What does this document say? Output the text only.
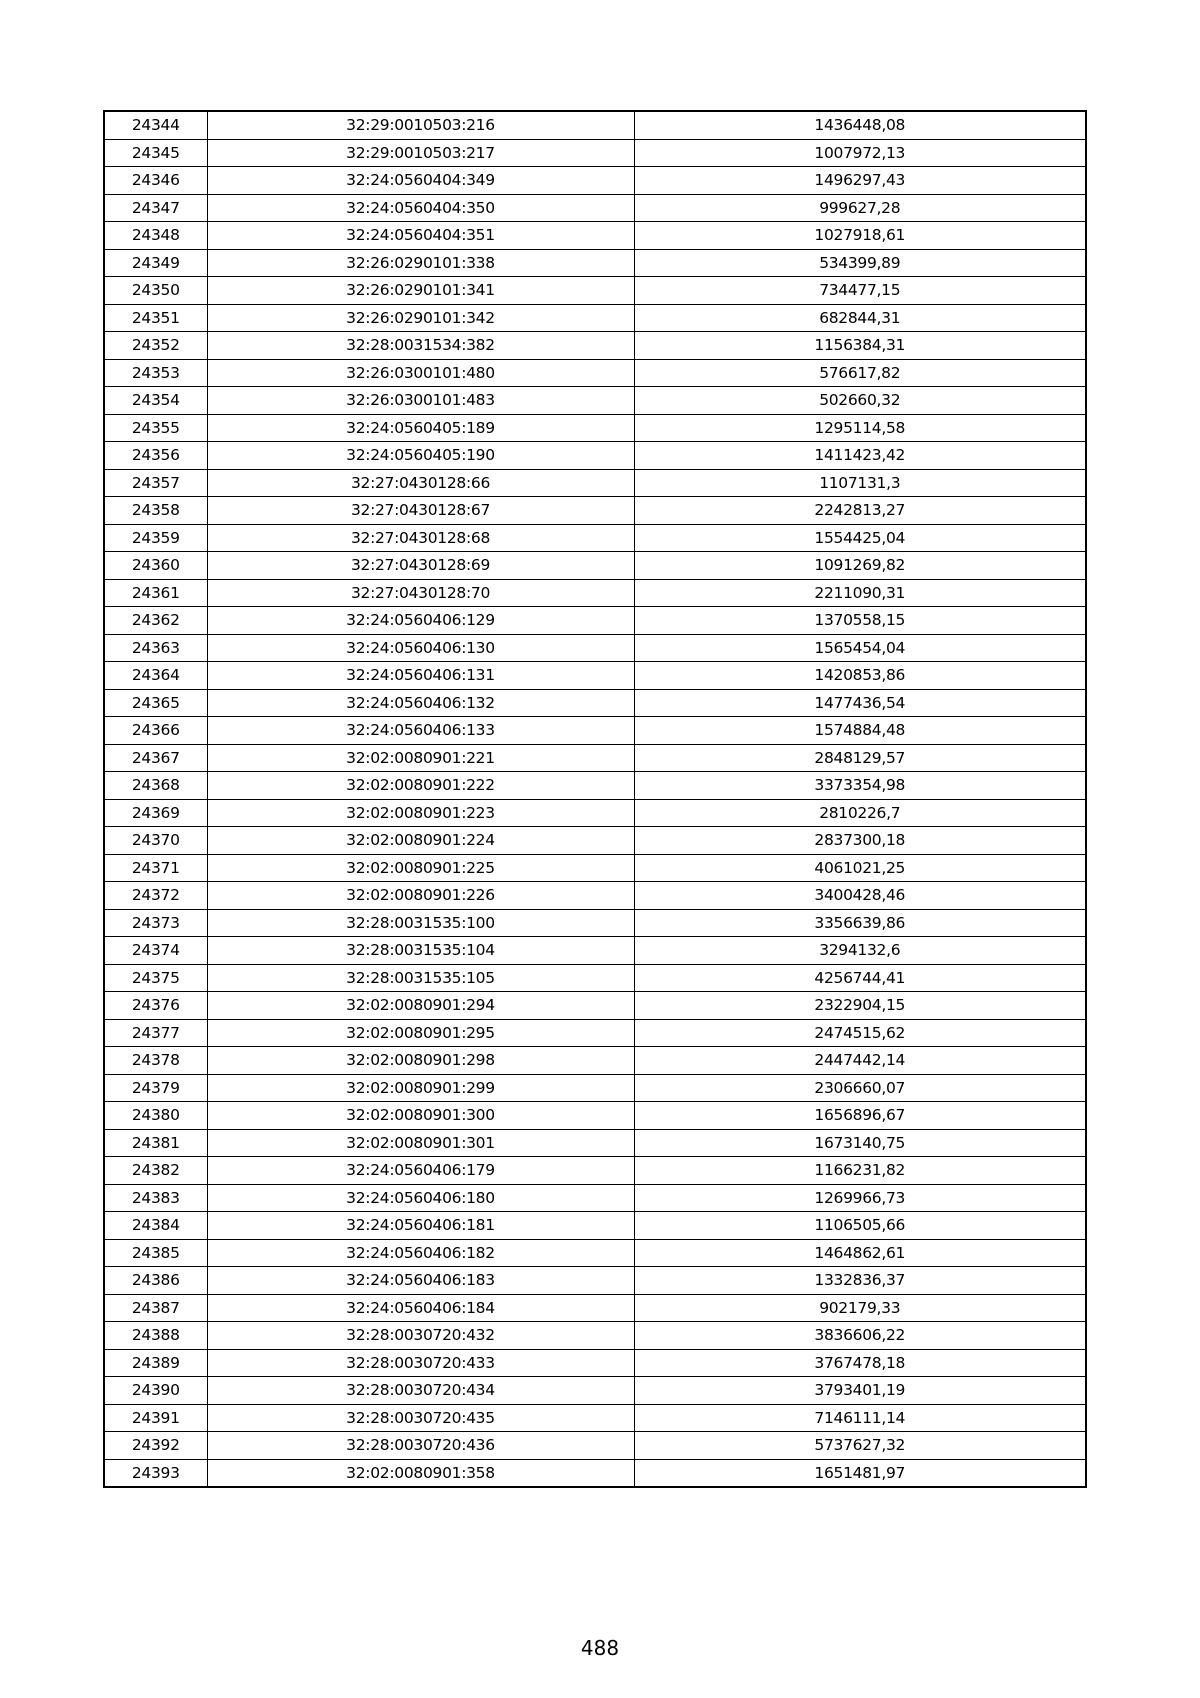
24344	32:29:0010503:216	1436448,08
24345	32:29:0010503:217	1007972,13
24346	32:24:0560404:349	1496297,43
24347	32:24:0560404:350	999627,28
24348	32:24:0560404:351	1027918,61
24349	32:26:0290101:338	534399,89
24350	32:26:0290101:341	734477,15
24351	32:26:0290101:342	682844,31
24352	32:28:0031534:382	1156384,31
24353	32:26:0300101:480	576617,82
24354	32:26:0300101:483	502660,32
24355	32:24:0560405:189	1295114,58
24356	32:24:0560405:190	1411423,42
24357	32:27:0430128:66	1107131,3
24358	32:27:0430128:67	2242813,27
24359	32:27:0430128:68	1554425,04
24360	32:27:0430128:69	1091269,82
24361	32:27:0430128:70	2211090,31
24362	32:24:0560406:129	1370558,15
24363	32:24:0560406:130	1565454,04
24364	32:24:0560406:131	1420853,86
24365	32:24:0560406:132	1477436,54
24366	32:24:0560406:133	1574884,48
24367	32:02:0080901:221	2848129,57
24368	32:02:0080901:222	3373354,98
24369	32:02:0080901:223	2810226,7
24370	32:02:0080901:224	2837300,18
24371	32:02:0080901:225	4061021,25
24372	32:02:0080901:226	3400428,46
24373	32:28:0031535:100	3356639,86
24374	32:28:0031535:104	3294132,6
24375	32:28:0031535:105	4256744,41
24376	32:02:0080901:294	2322904,15
24377	32:02:0080901:295	2474515,62
24378	32:02:0080901:298	2447442,14
24379	32:02:0080901:299	2306660,07
24380	32:02:0080901:300	1656896,67
24381	32:02:0080901:301	1673140,75
24382	32:24:0560406:179	1166231,82
24383	32:24:0560406:180	1269966,73
24384	32:24:0560406:181	1106505,66
24385	32:24:0560406:182	1464862,61
24386	32:24:0560406:183	1332836,37
24387	32:24:0560406:184	902179,33
24388	32:28:0030720:432	3836606,22
24389	32:28:0030720:433	3767478,18
24390	32:28:0030720:434	3793401,19
24391	32:28:0030720:435	7146111,14
24392	32:28:0030720:436	5737627,32
24393	32:02:0080901:358	1651481,97
488
